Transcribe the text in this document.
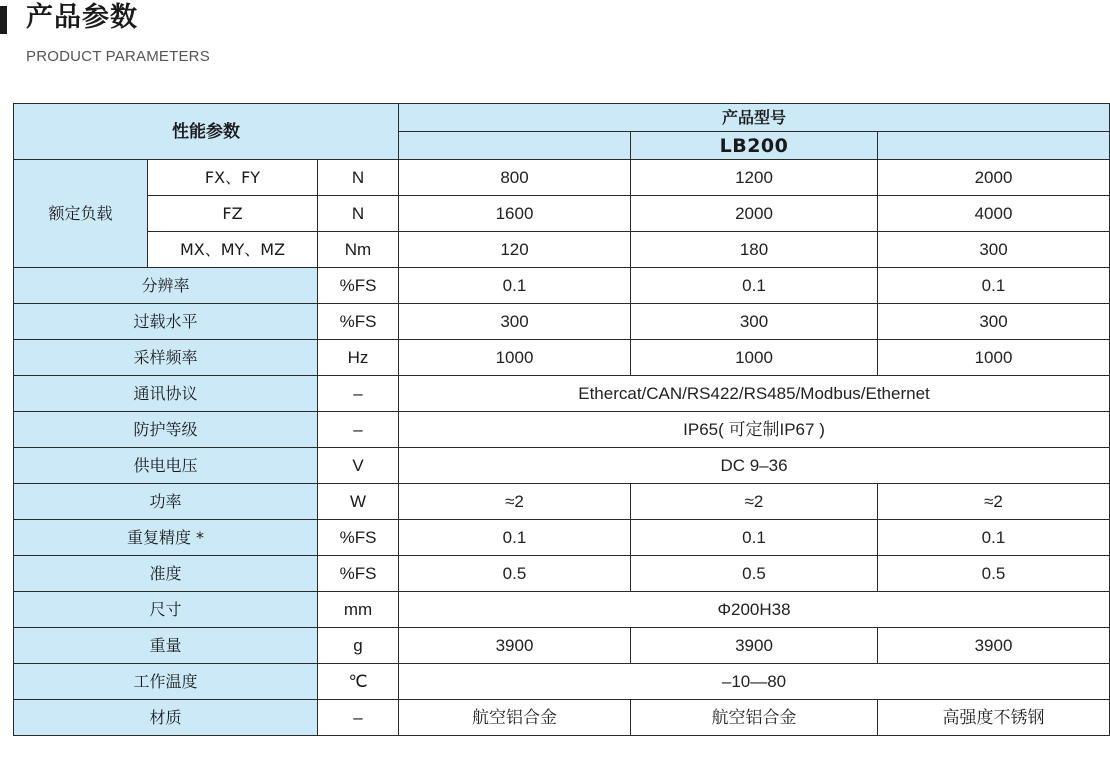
产品参数
PRODUCT PARAMETERS
性能参数			产品型号		
				LB200	
额定负载	FX、FY	N	800	1200	2000
	FZ	N	1600	2000	4000
	MX、MY、MZ	Nm	120	180	300
分辨率		%FS	0.1	0.1	0.1
过载水平		%FS	300	300	300
采样频率		Hz	1000	1000	1000
通讯协议		–	Ethercat/CAN/RS422/RS485/Modbus/Ethernet		
防护等级		–	IP65( 可定制IP67 )		
供电电压		V	DC 9–36		
功率		W	≈2	≈2	≈2
重复精度 *		%FS	0.1	0.1	0.1
准度		%FS	0.5	0.5	0.5
尺寸		mm	Φ200H38		
重量		g	3900	3900	3900
工作温度		℃	–10—80		
材质		–	航空铝合金	航空铝合金	高强度不锈钢
